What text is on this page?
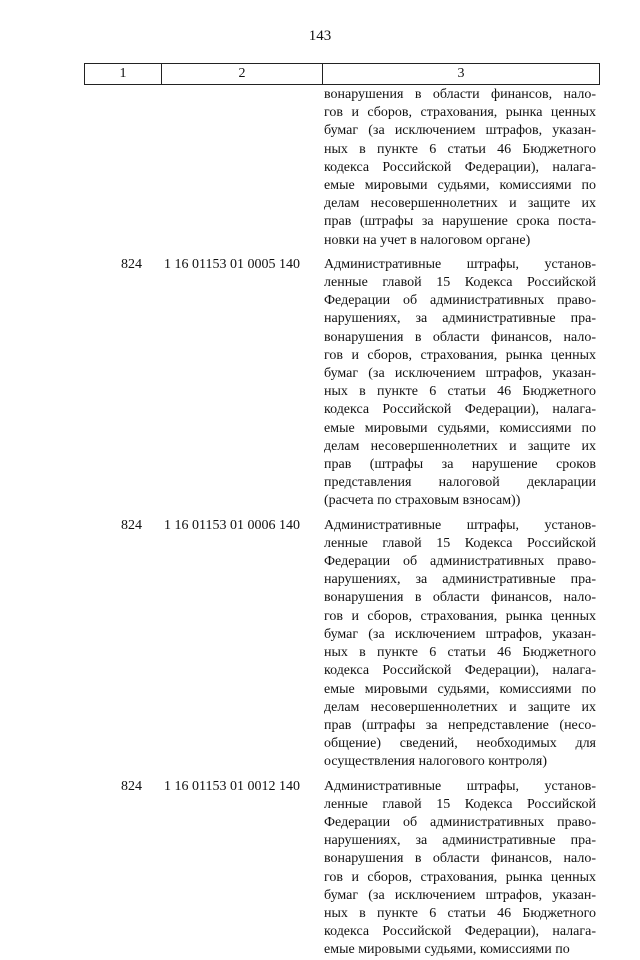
143
1	2	3
вонарушения в области финансов, нало-
гов и сборов, страхования, рынка ценных
бумаг (за исключением штрафов, указан-
ных в пункте 6 статьи 46 Бюджетного
кодекса Российской Федерации), налага-
емые мировыми судьями, комиссиями по
делам несовершеннолетних и защите их
прав (штрафы за нарушение срока постa-
новки на учет в налоговом органе)
824	1 16 01153 01 0005 140	Административные штрафы, установ-
ленные главой 15 Кодекса Российской
Федерации об административных право-
нарушениях, за административные пра-
вонарушения в области финансов, нало-
гов и сборов, страхования, рынка ценных
бумаг (за исключением штрафов, указан-
ных в пункте 6 статьи 46 Бюджетного
кодекса Российской Федерации), налага-
емые мировыми судьями, комиссиями по
делам несовершеннолетних и защите их
прав (штрафы за нарушение сроков
представления налоговой декларации
(расчета по страховым взносам))
824	1 16 01153 01 0006 140	Административные штрафы, установ-
ленные главой 15 Кодекса Российской
Федерации об административных право-
нарушениях, за административные пра-
вонарушения в области финансов, нало-
гов и сборов, страхования, рынка ценных
бумаг (за исключением штрафов, указан-
ных в пункте 6 статьи 46 Бюджетного
кодекса Российской Федерации), налага-
емые мировыми судьями, комиссиями по
делам несовершеннолетних и защите их
прав (штрафы за непредставление (несо-
общение) сведений, необходимых для
осуществления налогового контроля)
824	1 16 01153 01 0012 140	Административные штрафы, установ-
ленные главой 15 Кодекса Российской
Федерации об административных право-
нарушениях, за административные пра-
вонарушения в области финансов, нало-
гов и сборов, страхования, рынка ценных
бумаг (за исключением штрафов, указан-
ных в пункте 6 статьи 46 Бюджетного
кодекса Российской Федерации), налага-
емые мировыми судьями, комиссиями по
